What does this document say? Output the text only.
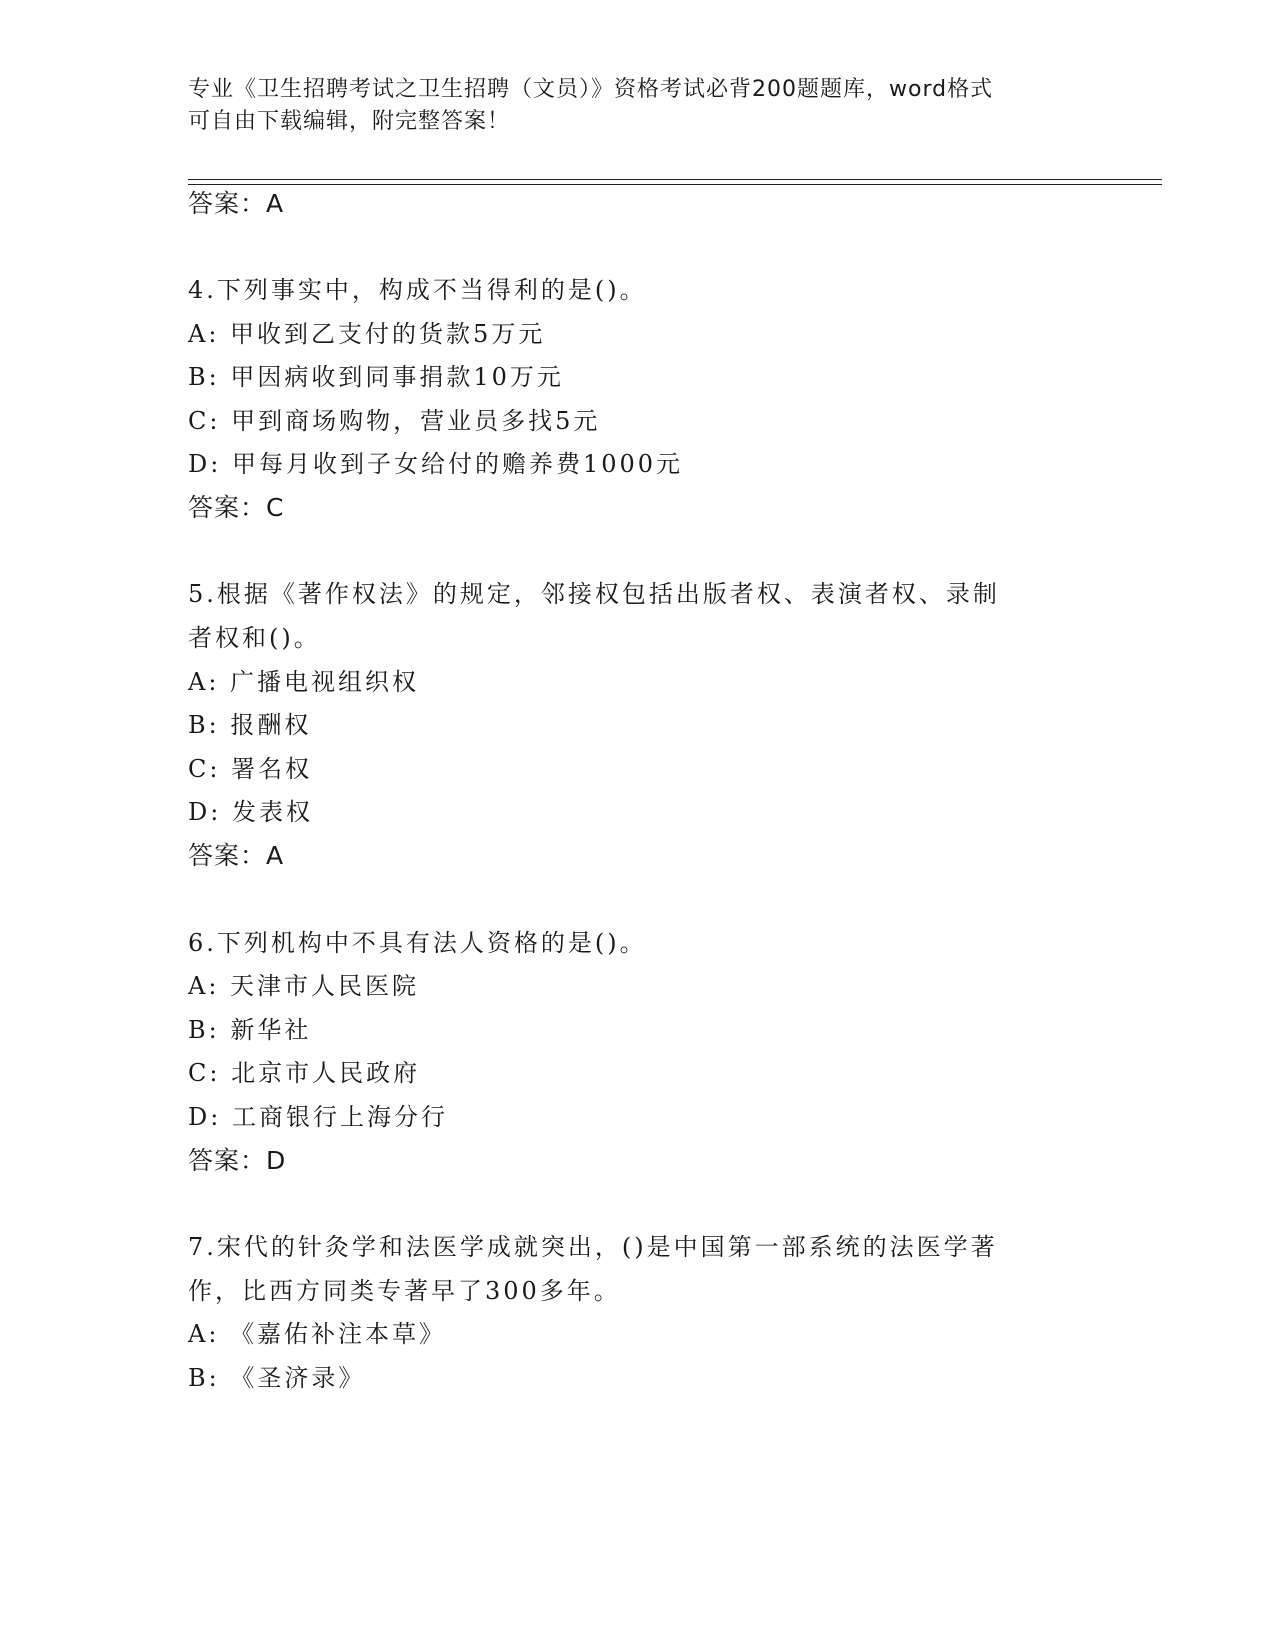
专业《卫生招聘考试之卫生招聘（文员）》资格考试必背200题题库，word格式
可自由下载编辑，附完整答案！
答案：A
4.下列事实中，构成不当得利的是()。
A: 甲收到乙支付的货款5万元
B: 甲因病收到同事捐款10万元
C: 甲到商场购物，营业员多找5元
D: 甲每月收到子女给付的赡养费1000元
答案：C
5.根据《著作权法》的规定，邻接权包括出版者权、表演者权、录制
者权和()。
A: 广播电视组织权
B: 报酬权
C: 署名权
D: 发表权
答案：A
6.下列机构中不具有法人资格的是()。
A: 天津市人民医院
B: 新华社
C: 北京市人民政府
D: 工商银行上海分行
答案：D
7.宋代的针灸学和法医学成就突出，()是中国第一部系统的法医学著
作，比西方同类专著早了300多年。
A: 《嘉佑补注本草》
B: 《圣济录》
